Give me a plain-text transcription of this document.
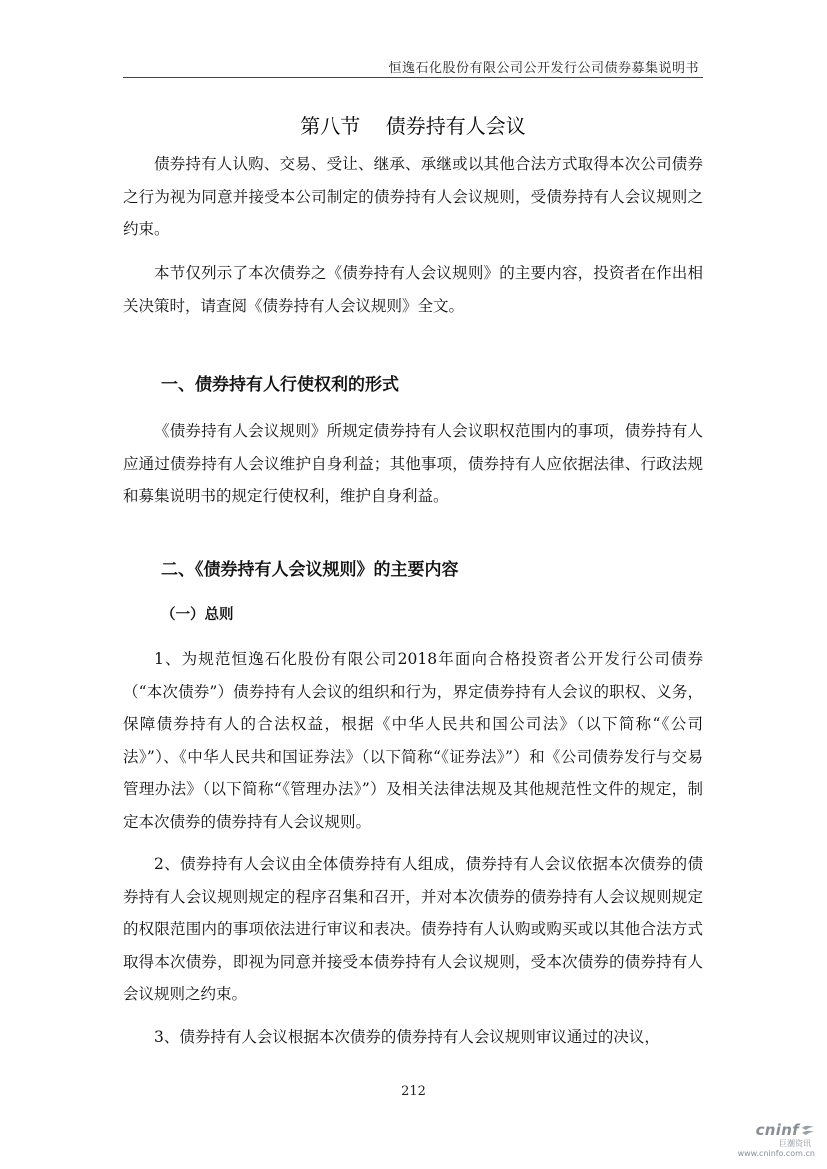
恒逸石化股份有限公司公开发行公司债券募集说明书
第八节    债券持有人会议

债券持有人认购、交易、受让、继承、承继或以其他合法方式取得本次公司债券之行为视为同意并接受本公司制定的债券持有人会议规则，受债券持有人会议规则之约束。

本节仅列示了本次债券之《债券持有人会议规则》的主要内容，投资者在作出相关决策时，请查阅《债券持有人会议规则》全文。

一、债券持有人行使权利的形式

《债券持有人会议规则》所规定债券持有人会议职权范围内的事项，债券持有人应通过债券持有人会议维护自身利益；其他事项，债券持有人应依据法律、行政法规和募集说明书的规定行使权利，维护自身利益。

二、《债券持有人会议规则》的主要内容
（一）总则

1、为规范恒逸石化股份有限公司2018年面向合格投资者公开发行公司债券（“本次债券”）债券持有人会议的组织和行为，界定债券持有人会议的职权、义务，保障债券持有人的合法权益，根据《中华人民共和国公司法》（以下简称“《公司法》”）、《中华人民共和国证券法》（以下简称“《证券法》”）和《公司债券发行与交易管理办法》（以下简称“《管理办法》”）及相关法律法规及其他规范性文件的规定，制定本次债券的债券持有人会议规则。

2、债券持有人会议由全体债券持有人组成，债券持有人会议依据本次债券的债券持有人会议规则规定的程序召集和召开，并对本次债券的债券持有人会议规则规定的权限范围内的事项依法进行审议和表决。债券持有人认购或购买或以其他合法方式取得本次债券，即视为同意并接受本债券持有人会议规则，受本次债券的债券持有人会议规则之约束。

3、债券持有人会议根据本次债券的债券持有人会议规则审议通过的决议，

212
cninf
巨潮资讯
www.cninfo.com.cn
